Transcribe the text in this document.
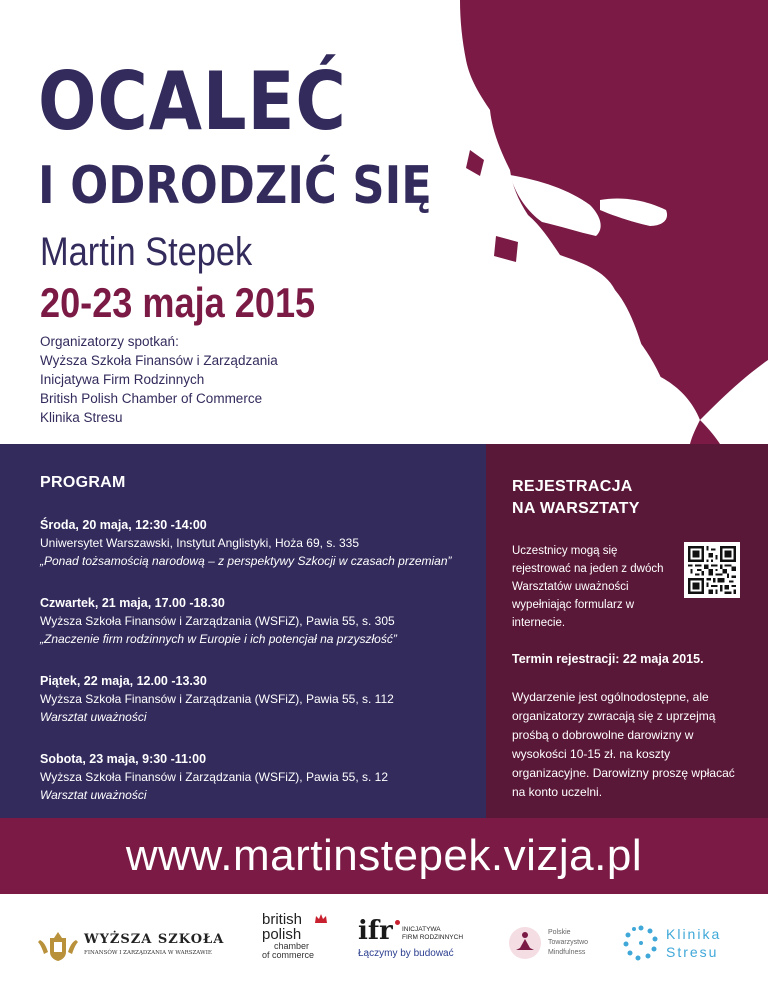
OCALEĆ
I ODRODZIĆ SIĘ
Martin Stepek
20-23 maja 2015
Organizatorzy spotkań:
Wyższa Szkoła Finansów i Zarządzania
Inicjatywa Firm Rodzinnych
British Polish Chamber of Commerce
Klinika Stresu
PROGRAM
Środa, 20 maja, 12:30 -14:00
Uniwersytet Warszawski, Instytut Anglistyki, Hoża 69, s. 335
„Ponad tożsamością narodową – z perspektywy Szkocji w czasach przemian”
Czwartek, 21 maja, 17.00 -18.30
Wyższa Szkoła Finansów i Zarządzania (WSFiZ), Pawia 55, s. 305
„Znaczenie firm rodzinnych w Europie i ich potencjał na przyszłość”
Piątek, 22 maja, 12.00 -13.30
Wyższa Szkoła Finansów i Zarządzania (WSFiZ), Pawia 55, s. 112
Warsztat uważności
Sobota, 23 maja, 9:30 -11:00
Wyższa Szkoła Finansów i Zarządzania (WSFiZ), Pawia 55, s. 12
Warsztat uważności
REJESTRACJA
NA WARSZTATY
Uczestnicy mogą się rejestrować na jeden z dwóch Warsztatów uważności wypełniając formularz w internecie.
Termin rejestracji: 22 maja 2015.
Wydarzenie jest ogólnodostępne, ale organizatorzy zwracają się z uprzejmą prośbą o dobrowolne darowizny w wysokości 10-15 zł. na koszty organizacyjne. Darowizny proszę wpłacać na konto uczelni.
www.martinstepek.vizja.pl
WYŻSZA SZKOŁA
FINANSÓW I ZARZĄDZANIA W WARSZAWIE
british
polish
chamber
of commerce
ifr INICJATYWA
FIRM RODZINNYCH
Łączymy by budować
Polskie
Towarzystwo
Mindfulness
Klinika
Stresu
